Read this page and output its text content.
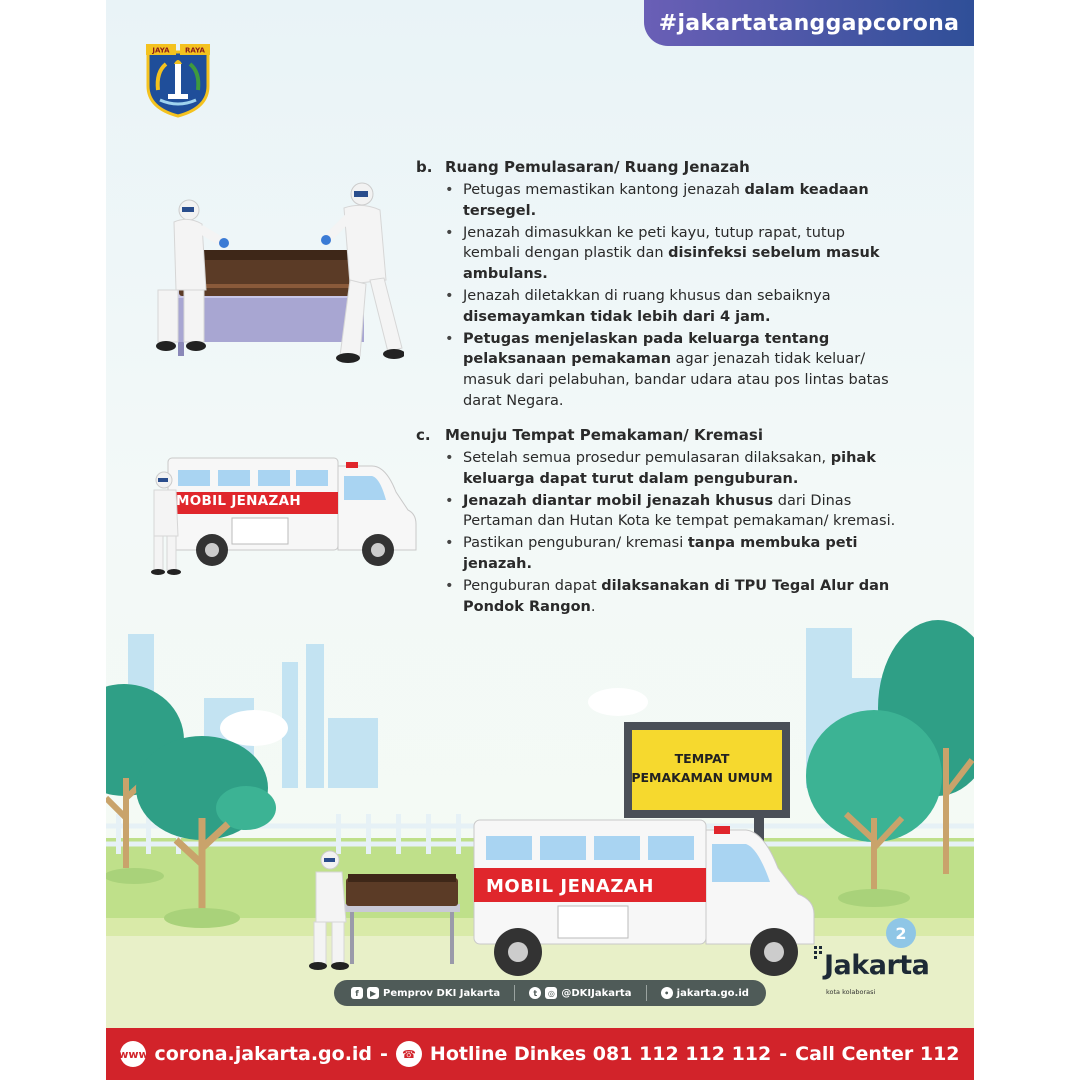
#jakartatanggapcorona
JAYA RAYA
b. Ruang Pemulasaran/ Ruang Jenazah
• Petugas memastikan kantong jenazah dalam keadaan tersegel.
• Jenazah dimasukkan ke peti kayu, tutup rapat, tutup kembali dengan plastik dan disinfeksi sebelum masuk ambulans.
• Jenazah diletakkan di ruang khusus dan sebaiknya disemayamkan tidak lebih dari 4 jam.
• Petugas menjelaskan pada keluarga tentang pelaksanaan pemakaman agar jenazah tidak keluar/ masuk dari pelabuhan, bandar udara atau pos lintas batas darat Negara.
MOBIL JENAZAH
c. Menuju Tempat Pemakaman/ Kremasi
• Setelah semua prosedur pemulasaran dilaksakan, pihak keluarga dapat turut dalam penguburan.
• Jenazah diantar mobil jenazah khusus dari Dinas Pertaman dan Hutan Kota ke tempat pemakaman/ kremasi.
• Pastikan penguburan/ kremasi tanpa membuka peti jenazah.
• Penguburan dapat dilaksanakan di TPU Tegal Alur dan Pondok Rangon.
TEMPAT
PEMAKAMAN UMUM
MOBIL JENAZAH
2
Jakarta
kota kolaborasi
f	▶ Pemprov DKI Jakarta	t	◎ @DKIJakarta	• jakarta.go.id
www corona.jakarta.go.id -	☎ Hotline Dinkes 081 112 112 112 - Call Center 112
